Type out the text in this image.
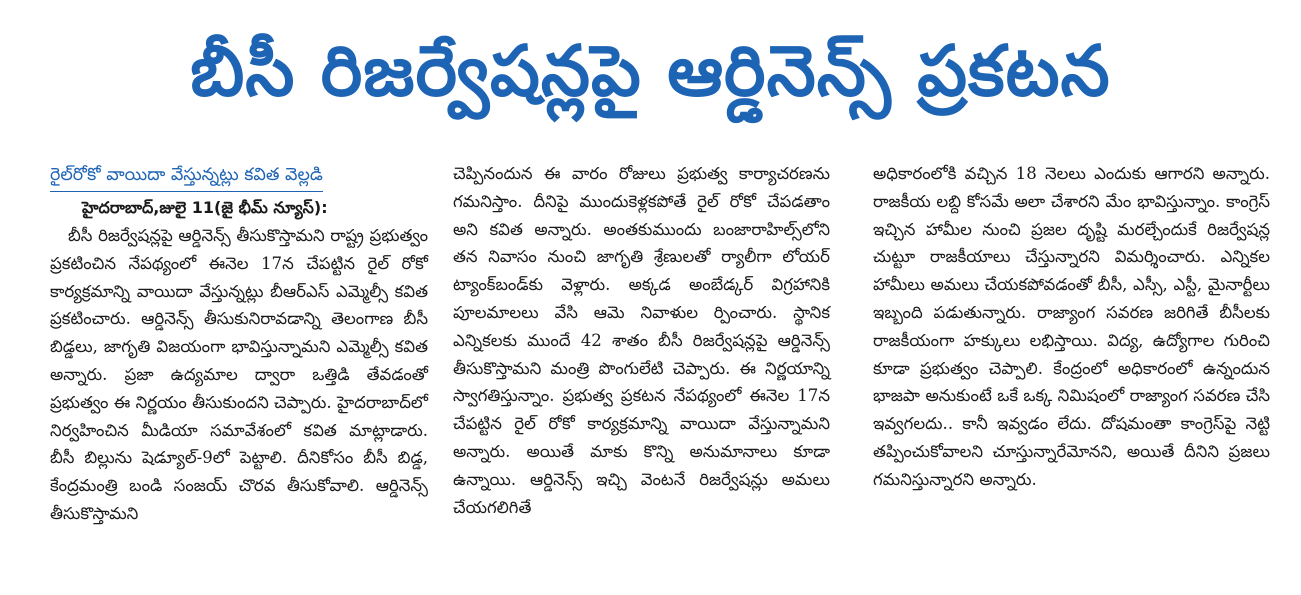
బీసీ రిజర్వేషన్లపై ఆర్డినెన్స్ ప్రకటన
రైల్‌రోకో వాయిదా వేస్తున్నట్లు కవిత వెల్లడి
హైదరాబాద్,జులై 11(జై భీమ్ న్యూస్):

బీసీ రిజర్వేషన్లపై ఆర్డినెన్స్ తీసుకొస్తామని రాష్ట్ర ప్రభుత్వం ప్రకటించిన నేపథ్యంలో ఈనెల 17న చేపట్టిన రైల్ రోకో కార్యక్రమాన్ని వాయిదా వేస్తున్నట్లు బీఆర్ఎస్ ఎమ్మెల్సీ కవిత ప్రకటించారు. ఆర్డినెన్స్ తీసుకునిరావడాన్ని తెలంగాణ బీసీ బిడ్డలు, జాగృతి విజయంగా భావిస్తున్నామని ఎమ్మెల్సీ కవిత అన్నారు. ప్రజా ఉద్యమాల ద్వారా ఒత్తిడి తేవడంతో ప్రభుత్వం ఈ నిర్ణయం తీసుకుందని చెప్పారు. హైదరాబాద్‌లో నిర్వహించిన మీడియా సమావేశంలో కవిత మాట్లాడారు. బీసీ బిల్లును షెడ్యూల్-9లో పెట్టాలి. దీనికోసం బీసీ బిడ్డ, కేంద్రమంత్రి బండి సంజయ్ చొరవ తీసుకోవాలి. ఆర్డినెన్స్ తీసుకొస్తామని

చెప్పినందున ఈ వారం రోజులు ప్రభుత్వ కార్యాచరణను గమనిస్తాం. దీనిపై ముందుకెళ్లకపోతే రైల్ రోకో చేపడతాం అని కవిత అన్నారు. అంతకుముందు బంజారాహిల్స్‌లోని తన నివాసం నుంచి జాగృతి శ్రేణులతో ర్యాలీగా లోయర్ ట్యాంక్‌బండ్‌కు వెళ్లారు. అక్కడ అంబేడ్కర్ విగ్రహానికి పూలమాలలు వేసి ఆమె నివాళుల ర్పించారు. స్థానిక ఎన్నికలకు ముందే 42 శాతం బీసీ రిజర్వేషన్లపై ఆర్డినెన్స్ తీసుకొస్తామని మంత్రి పొంగులేటి చెప్పారు. ఈ నిర్ణయాన్ని స్వాగతిస్తున్నాం. ప్రభుత్వ ప్రకటన నేపథ్యంలో ఈనెల 17న చేపట్టిన రైల్ రోకో కార్యక్రమాన్ని వాయిదా వేస్తున్నామని అన్నారు. అయితే మాకు కొన్ని అనుమానాలు కూడా ఉన్నాయి. ఆర్డినెన్స్ ఇచ్చి వెంటనే రిజర్వేషన్లు అమలు చేయగలిగితే

అధికారంలోకి వచ్చిన 18 నెలలు ఎందుకు ఆగారని అన్నారు. రాజకీయ లబ్ది కోసమే అలా చేశారని మేం భావిస్తున్నాం. కాంగ్రెస్ ఇచ్చిన హామీల నుంచి ప్రజల దృష్టి మరల్చేందుకే రిజర్వేషన్ల చుట్టూ రాజకీయాలు చేస్తున్నారని విమర్శించారు. ఎన్నికల హామీలు అమలు చేయకపోవడంతో బీసీ, ఎస్సీ, ఎస్టీ, మైనార్టీలు ఇబ్బంది పడుతున్నారు. రాజ్యాంగ సవరణ జరిగితే బీసీలకు రాజకీయంగా హక్కులు లభిస్తాయి. విద్య, ఉద్యోగాల గురించి కూడా ప్రభుత్వం చెప్పాలి. కేంద్రంలో అధికారంలో ఉన్నందున భాజపా అనుకుంటే ఒకే ఒక్క నిమిషంలో రాజ్యాంగ సవరణ చేసి ఇవ్వగలదు.. కానీ ఇవ్వడం లేదు. దోషమంతా కాంగ్రెస్‌పై నెట్టి తప్పించుకోవాలని చూస్తున్నారేమోనని, అయితే దీనిని ప్రజలు గమనిస్తున్నారని అన్నారు.
